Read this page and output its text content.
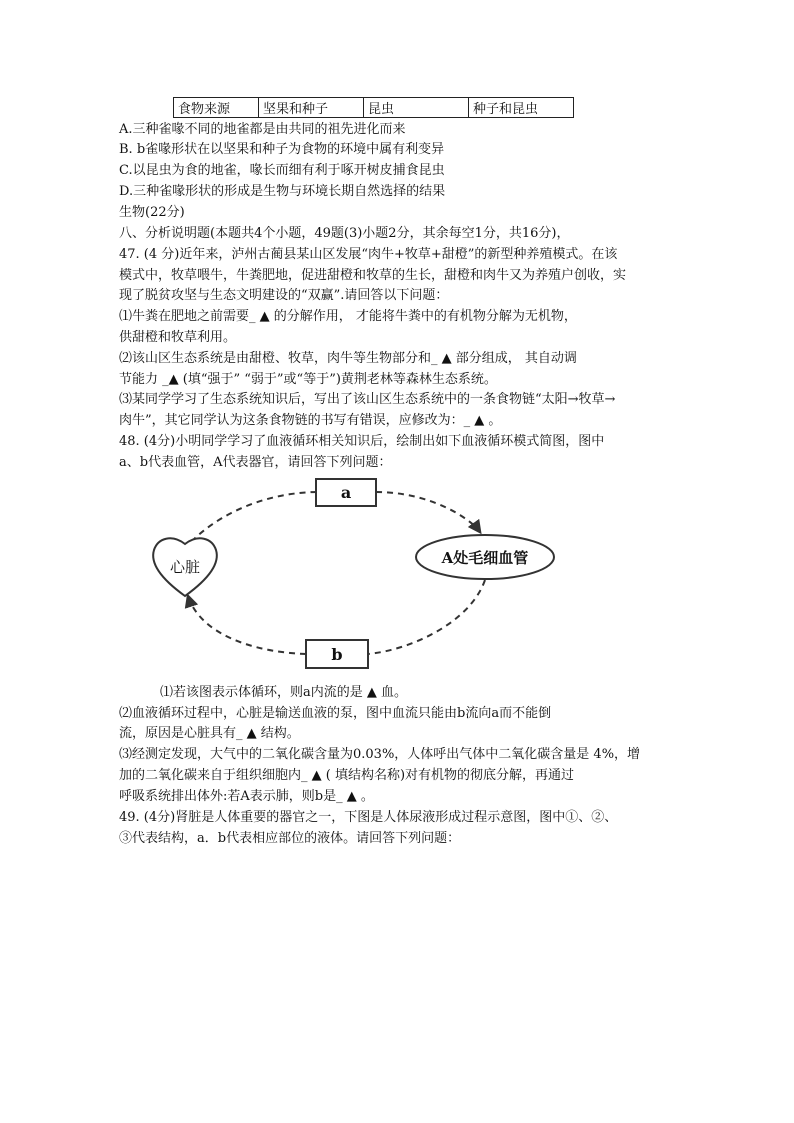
食物来源	坚果和种子	昆虫	种子和昆虫
A.三种雀喙不同的地雀都是由共同的祖先进化而来
B. b雀喙形状在以坚果和种子为食物的环境中属有利变异
C.以昆虫为食的地雀，喙长而细有利于啄开树皮捕食昆虫
D.三种雀喙形状的形成是生物与环境长期自然选择的结果
生物(22分)
八、分析说明题(本题共4个小题，49题(3)小题2分，其余每空1分，共16分)，
47. (4 分)近年来，泸州古蔺县某山区发展“肉牛+牧草+甜橙”的新型种养殖模式。在该
模式中，牧草喂牛，牛粪肥地，促进甜橙和牧草的生长，甜橙和肉牛又为养殖户创收，实
现了脱贫攻坚与生态文明建设的“双赢”.请回答以下问题：
⑴牛粪在肥地之前需要_ ▲ 的分解作用， 才能将牛粪中的有机物分解为无机物，
供甜橙和牧草利用。
⑵该山区生态系统是由甜橙、牧草，肉牛等生物部分和_ ▲ 部分组成， 其自动调
节能力 _▲ (填“强于” “弱于”或“等于”)黄荆老林等森林生态系统。
⑶某同学学习了生态系统知识后，写出了该山区生态系统中的一条食物链“太阳→牧草→
肉牛”，其它同学认为这条食物链的书写有错误，应修改为：_ ▲ 。
48. (4分)小明同学学习了血液循环相关知识后，绘制出如下血液循环模式简图，图中
a、b代表血管，A代表器官，请回答下列问题：
心脏
a
A处毛细血管
b
⑴若该图表示体循环，则a内流的是 ▲ 血。
⑵血液循环过程中，心脏是输送血液的泵，图中血流只能由b流向a而不能倒
流，原因是心脏具有_ ▲ 结构。
⑶经测定发现，大气中的二氧化碳含量为0.03%，人体呼出气体中二氧化碳含量是 4%，增
加的二氧化碳来自于组织细胞内_ ▲ ( 填结构名称)对有机物的彻底分解，再通过
呼吸系统排出体外:若A表示肺，则b是_ ▲ 。
49. (4分)肾脏是人体重要的器官之一，下图是人体尿液形成过程示意图，图中①、②、
③代表结构，a．b代表相应部位的液体。请回答下列问题：
